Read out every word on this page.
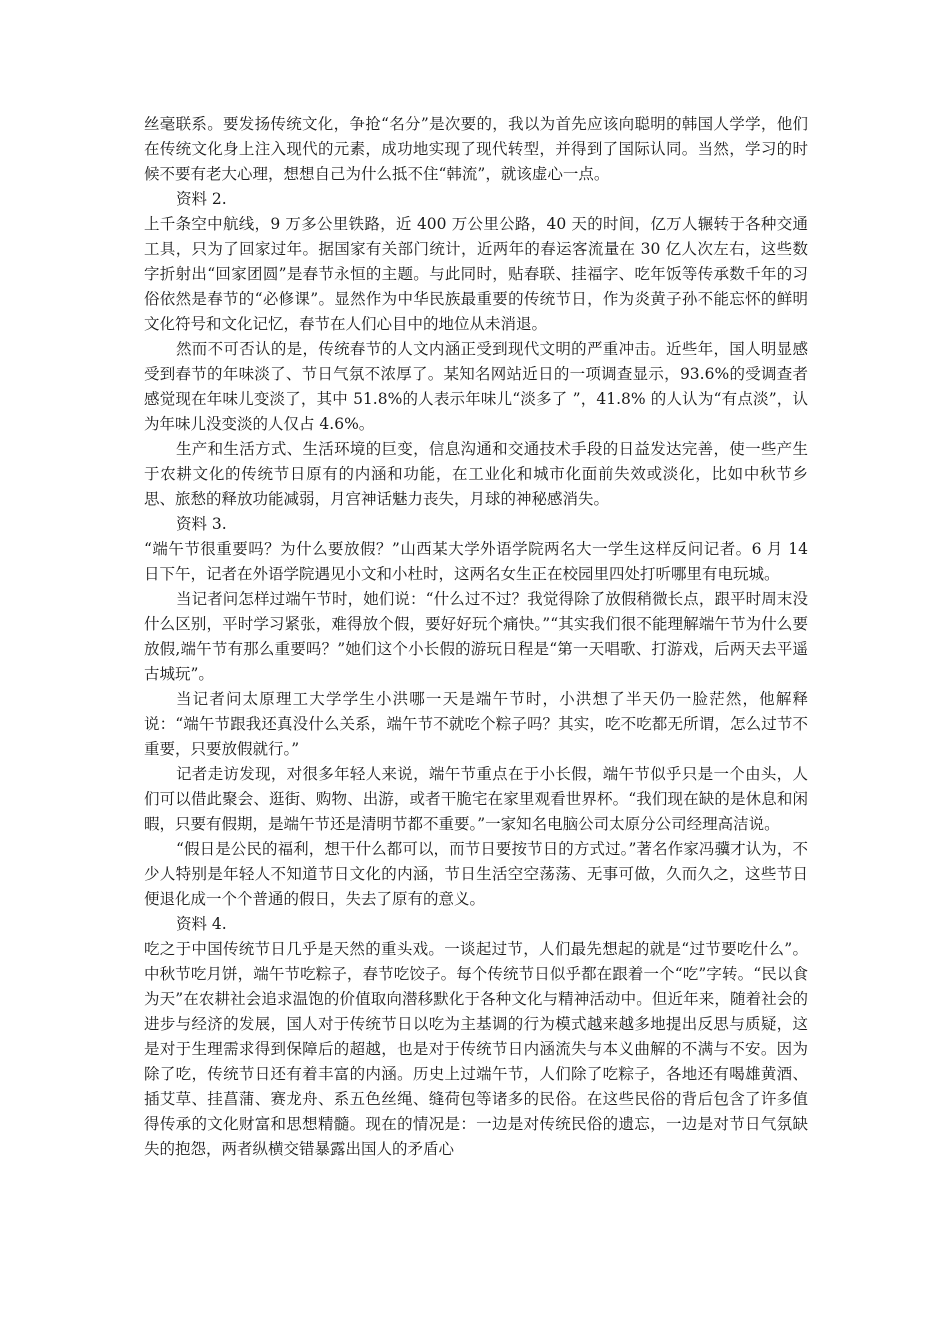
丝毫联系。要发扬传统文化，争抢“名分”是次要的，我以为首先应该向聪明的韩国人学学，他们在传统文化身上注入现代的元素，成功地实现了现代转型，并得到了国际认同。当然，学习的时候不要有老大心理，想想自己为什么抵不住“韩流”，就该虚心一点。

资料 2.

上千条空中航线，9 万多公里铁路，近 400 万公里公路，40 天的时间，亿万人辗转于各种交通工具，只为了回家过年。据国家有关部门统计，近两年的春运客流量在 30 亿人次左右，这些数字折射出“回家团圆”是春节永恒的主题。与此同时，贴春联、挂福字、吃年饭等传承数千年的习俗依然是春节的“必修课”。显然作为中华民族最重要的传统节日，作为炎黄子孙不能忘怀的鲜明文化符号和文化记忆，春节在人们心目中的地位从未消退。

然而不可否认的是，传统春节的人文内涵正受到现代文明的严重冲击。近些年，国人明显感受到春节的年味淡了、节日气氛不浓厚了。某知名网站近日的一项调查显示，93.6%的受调查者感觉现在年味儿变淡了，其中 51.8%的人表示年味儿“淡多了 ”，41.8% 的人认为“有点淡”，认为年味儿没变淡的人仅占 4.6%。

生产和生活方式、生活环境的巨变，信息沟通和交通技术手段的日益发达完善，使一些产生于农耕文化的传统节日原有的内涵和功能，在工业化和城市化面前失效或淡化，比如中秋节乡思、旅愁的释放功能减弱，月宫神话魅力丧失，月球的神秘感消失。

资料 3.

“端午节很重要吗？为什么要放假？”山西某大学外语学院两名大一学生这样反问记者。6 月 14 日下午，记者在外语学院遇见小文和小杜时，这两名女生正在校园里四处打听哪里有电玩城。

当记者问怎样过端午节时，她们说：“什么过不过？我觉得除了放假稍微长点，跟平时周末没什么区别，平时学习紧张，难得放个假，要好好玩个痛快。”“其实我们很不能理解端午节为什么要放假,端午节有那么重要吗？”她们这个小长假的游玩日程是“第一天唱歌、打游戏，后两天去平遥古城玩”。

当记者问太原理工大学学生小洪哪一天是端午节时，小洪想了半天仍一脸茫然，他解释说：“端午节跟我还真没什么关系，端午节不就吃个粽子吗？其实，吃不吃都无所谓，怎么过节不重要，只要放假就行。”

记者走访发现，对很多年轻人来说，端午节重点在于小长假，端午节似乎只是一个由头，人们可以借此聚会、逛街、购物、出游，或者干脆宅在家里观看世界杯。“我们现在缺的是休息和闲暇，只要有假期，是端午节还是清明节都不重要。”一家知名电脑公司太原分公司经理高洁说。

“假日是公民的福利，想干什么都可以，而节日要按节日的方式过。”著名作家冯骥才认为，不少人特别是年轻人不知道节日文化的内涵，节日生活空空荡荡、无事可做，久而久之，这些节日便退化成一个个普通的假日，失去了原有的意义。

资料 4.

吃之于中国传统节日几乎是天然的重头戏。一谈起过节，人们最先想起的就是“过节要吃什么”。中秋节吃月饼，端午节吃粽子，春节吃饺子。每个传统节日似乎都在跟着一个“吃”字转。“民以食为天”在农耕社会追求温饱的价值取向潜移默化于各种文化与精神活动中。但近年来，随着社会的进步与经济的发展，国人对于传统节日以吃为主基调的行为模式越来越多地提出反思与质疑，这是对于生理需求得到保障后的超越，也是对于传统节日内涵流失与本义曲解的不满与不安。因为除了吃，传统节日还有着丰富的内涵。历史上过端午节，人们除了吃粽子，各地还有喝雄黄酒、插艾草、挂菖蒲、赛龙舟、系五色丝绳、缝荷包等诸多的民俗。在这些民俗的背后包含了许多值得传承的文化财富和思想精髓。现在的情况是：一边是对传统民俗的遗忘，一边是对节日气氛缺失的抱怨，两者纵横交错暴露出国人的矛盾心
